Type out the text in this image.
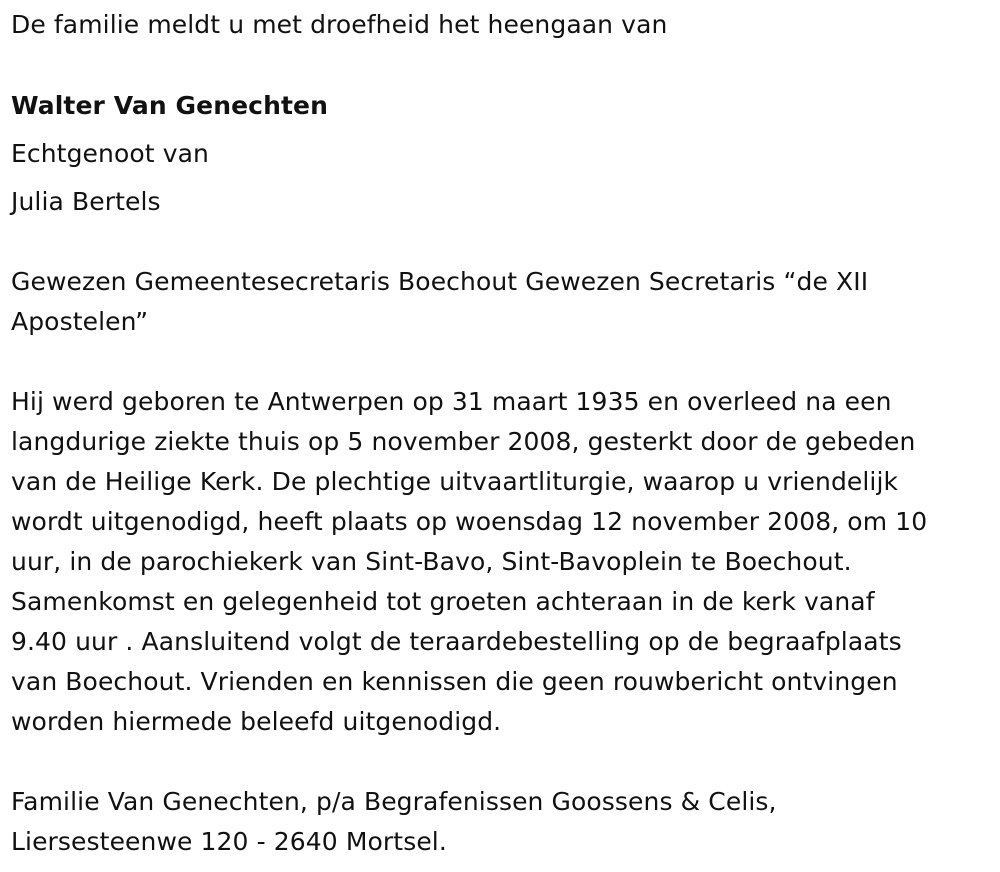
De familie meldt u met droefheid het heengaan van
Walter Van Genechten
Echtgenoot van
Julia Bertels
Gewezen Gemeentesecretaris Boechout Gewezen Secretaris “de XII
Apostelen”
Hij werd geboren te Antwerpen op 31 maart 1935 en overleed na een
langdurige ziekte thuis op 5 november 2008, gesterkt door de gebeden
van de Heilige Kerk. De plechtige uitvaartliturgie, waarop u vriendelijk
wordt uitgenodigd, heeft plaats op woensdag 12 november 2008, om 10
uur, in de parochiekerk van Sint-Bavo, Sint-Bavoplein te Boechout.
Samenkomst en gelegenheid tot groeten achteraan in de kerk vanaf
9.40 uur . Aansluitend volgt de teraardebestelling op de begraafplaats
van Boechout. Vrienden en kennissen die geen rouwbericht ontvingen
worden hiermede beleefd uitgenodigd.
Familie Van Genechten, p/a Begrafenissen Goossens & Celis,
Liersesteenwe 120 - 2640 Mortsel.
